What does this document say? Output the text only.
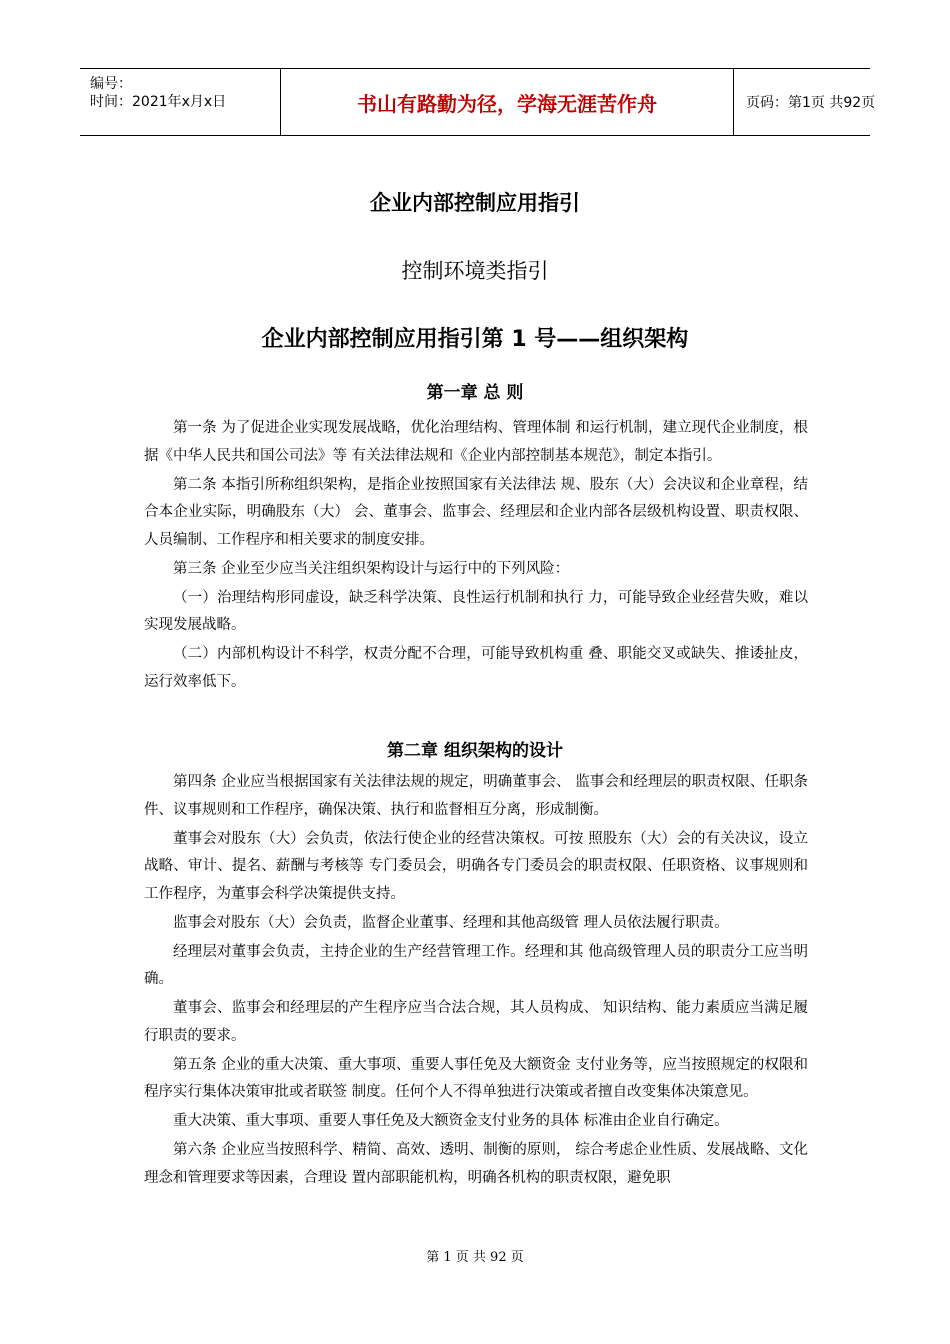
编号：
时间：2021年x月x日	书山有路勤为径，学海无涯苦作舟	页码：第1页 共92页
企业内部控制应用指引
控制环境类指引
企业内部控制应用指引第 1 号——组织架构
第一章 总 则

第一条 为了促进企业实现发展战略，优化治理结构、管理体制 和运行机制，建立现代企业制度，根据《中华人民共和国公司法》等 有关法律法规和《企业内部控制基本规范》，制定本指引。

第二条 本指引所称组织架构，是指企业按照国家有关法律法 规、股东（大）会决议和企业章程，结合本企业实际，明确股东（大） 会、董事会、监事会、经理层和企业内部各层级机构设置、职责权限、 人员编制、工作程序和相关要求的制度安排。

第三条 企业至少应当关注组织架构设计与运行中的下列风险：

（一）治理结构形同虚设，缺乏科学决策、良性运行机制和执行 力，可能导致企业经营失败，难以实现发展战略。

（二）内部机构设计不科学，权责分配不合理，可能导致机构重 叠、职能交叉或缺失、推诿扯皮，运行效率低下。

第二章 组织架构的设计

第四条 企业应当根据国家有关法律法规的规定，明确董事会、 监事会和经理层的职责权限、任职条件、议事规则和工作程序，确保决策、执行和监督相互分离，形成制衡。

董事会对股东（大）会负责，依法行使企业的经营决策权。可按 照股东（大）会的有关决议，设立战略、审计、提名、薪酬与考核等 专门委员会，明确各专门委员会的职责权限、任职资格、议事规则和 工作程序，为董事会科学决策提供支持。

监事会对股东（大）会负责，监督企业董事、经理和其他高级管 理人员依法履行职责。

经理层对董事会负责，主持企业的生产经营管理工作。经理和其 他高级管理人员的职责分工应当明确。

董事会、监事会和经理层的产生程序应当合法合规，其人员构成、 知识结构、能力素质应当满足履行职责的要求。

第五条 企业的重大决策、重大事项、重要人事任免及大额资金 支付业务等，应当按照规定的权限和程序实行集体决策审批或者联签 制度。任何个人不得单独进行决策或者擅自改变集体决策意见。

重大决策、重大事项、重要人事任免及大额资金支付业务的具体 标准由企业自行确定。

第六条 企业应当按照科学、精简、高效、透明、制衡的原则， 综合考虑企业性质、发展战略、文化理念和管理要求等因素，合理设 置内部职能机构，明确各机构的职责权限，避免职

第 1 页 共 92 页
